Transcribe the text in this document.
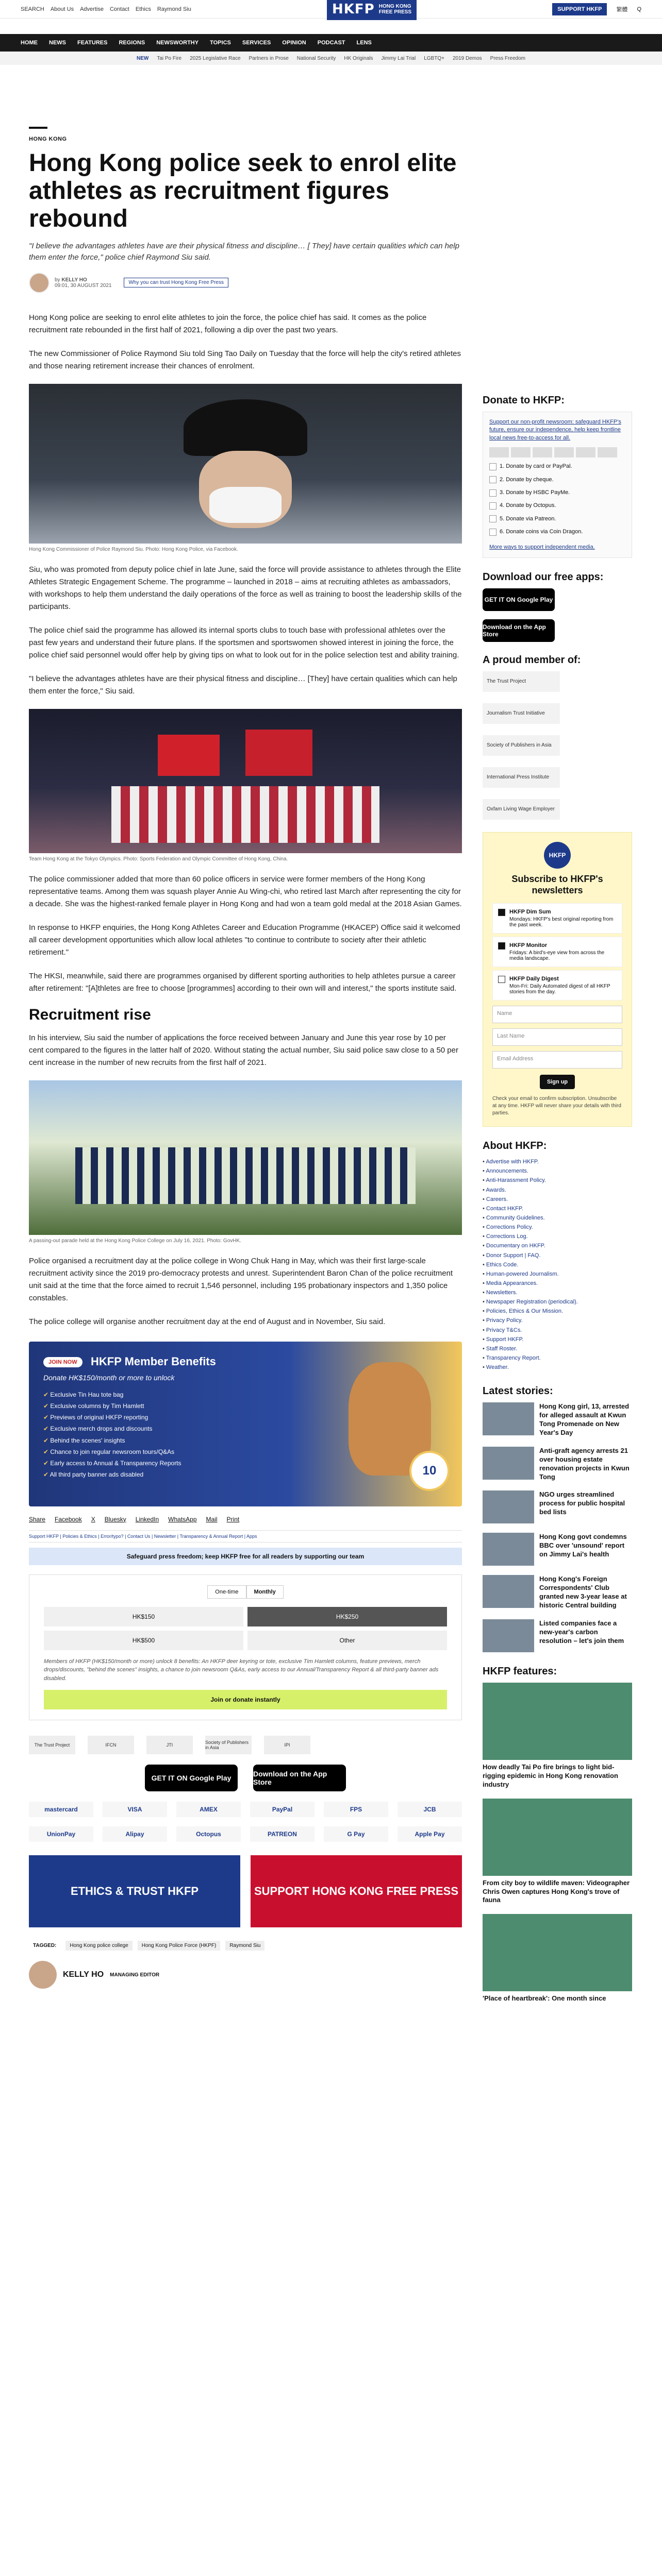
SEARCH About Us Advertise Contact Ethics Raymond Siu	HKFP HONG KONG
FREE PRESS	SUPPORT HKFP	繁體 Q
HOME NEWS FEATURES REGIONS NEWSWORTHY TOPICS SERVICES OPINION PODCAST LENS
NEW Tai Po Fire 2025 Legislative Race Partners in Prose National Security HK Originals Jimmy Lai Trial LGBTQ+ 2019 Demos Press Freedom
HONG KONG
Hong Kong police seek to enrol elite athletes as recruitment figures rebound

"I believe the advantages athletes have are their physical fitness and discipline… [ They] have certain qualities which can help them enter the force," police chief Raymond Siu said.

by KELLY HO
09:01, 30 AUGUST 2021	Why you can trust Hong Kong Free Press

Hong Kong police are seeking to enrol elite athletes to join the force, the police chief has said. It comes as the police recruitment rate rebounded in the first half of 2021, following a dip over the past two years.

The new Commissioner of Police Raymond Siu told Sing Tao Daily on Tuesday that the force will help the city's retired athletes and those nearing retirement increase their chances of enrolment.

Hong Kong Commissioner of Police Raymond Siu. Photo: Hong Kong Police, via Facebook.

Siu, who was promoted from deputy police chief in late June, said the force will provide assistance to athletes through the Elite Athletes Strategic Engagement Scheme. The programme – launched in 2018 – aims at recruiting athletes as ambassadors, with workshops to help them understand the daily operations of the force as well as training to boost the leadership skills of the participants.

The police chief said the programme has allowed its internal sports clubs to touch base with professional athletes over the past few years and understand their future plans. If the sportsmen and sportswomen showed interest in joining the force, the police chief said personnel would offer help by giving tips on what to look out for in the police selection test and ability training.

"I believe the advantages athletes have are their physical fitness and discipline… [They] have certain qualities which can help them enter the force," Siu said.

Team Hong Kong at the Tokyo Olympics. Photo: Sports Federation and Olympic Committee of Hong Kong, China.

The police commissioner added that more than 60 police officers in service were former members of the Hong Kong representative teams. Among them was squash player Annie Au Wing-chi, who retired last March after representing the city for a decade. She was the highest-ranked female player in Hong Kong and had won a team gold medal at the 2018 Asian Games.

In response to HKFP enquiries, the Hong Kong Athletes Career and Education Programme (HKACEP) Office said it welcomed all career development opportunities which allow local athletes "to continue to contribute to society after their athletic retirement."

The HKSI, meanwhile, said there are programmes organised by different sporting authorities to help athletes pursue a career after retirement: "[A]thletes are free to choose [programmes] according to their own will and interest," the sports institute said.

Recruitment rise

In his interview, Siu said the number of applications the force received between January and June this year rose by 10 per cent compared to the figures in the latter half of 2020. Without stating the actual number, Siu said police saw close to a 50 per cent increase in the number of new recruits from the first half of 2021.

A passing-out parade held at the Hong Kong Police College on July 16, 2021. Photo: GovHK.

Police organised a recruitment day at the police college in Wong Chuk Hang in May, which was their first large-scale recruitment activity since the 2019 pro-democracy protests and unrest. Superintendent Baron Chan of the police recruitment unit said at the time that the force aimed to recruit 1,546 personnel, including 195 probationary inspectors and 1,350 police constables.

The police college will organise another recruitment day at the end of August and in November, Siu said.

JOIN NOW	HKFP Member Benefits
Donate HK$150/month or more to unlock
✔ Exclusive Tin Hau tote bag
✔ Exclusive columns by Tim Hamlett
✔ Previews of original HKFP reporting
✔ Exclusive merch drops and discounts
✔ Behind the scenes' insights
✔ Chance to join regular newsroom tours/Q&As
✔ Early access to Annual & Transparency Reports
✔ All third party banner ads disabled	10
Share Facebook X Bluesky LinkedIn WhatsApp Mail Print
Support HKFP | Policies & Ethics | Error/typo? | Contact Us | Newsletter | Transparency & Annual Report | Apps
Safeguard press freedom; keep HKFP free for all readers by supporting our team
One-time	Monthly
HK$150	HK$250
HK$500	Other

Members of HKFP (HK$150/month or more) unlock 8 benefits: An HKFP deer keyring or tote, exclusive Tim Hamlett columns, feature previews, merch drops/discounts, "behind the scenes" insights, a chance to join newsroom Q&As, early access to our Annual/Transparency Report & all third-party banner ads disabled.

Join or donate instantly
The Trust Project	IFCN	JTI	Society of Publishers in Asia	IPI
GET IT ON Google Play	Download on the App Store
mastercard	VISA	AMEX	PayPal	FPS	JCB
UnionPay	Alipay	Octopus	PATREON	G Pay	Apple Pay
ETHICS & TRUST HKFP	SUPPORT HONG KONG FREE PRESS
TAGGED:	Hong Kong police college	Hong Kong Police Force (HKPF)	Raymond Siu
KELLY HO MANAGING EDITOR
Donate to HKFP:

Support our non-profit newsroom: safeguard HKFP's future, ensure our independence, help keep frontline local news free-to-access for all.

1. Donate by card or PayPal.
2. Donate by cheque.
3. Donate by HSBC PayMe.
4. Donate by Octopus.
5. Donate via Patreon.
6. Donate coins via Coin Dragon.

More ways to support independent media.

Download our free apps:
GET IT ON Google Play
Download on the App Store
A proud member of:
The Trust Project
Journalism Trust Initiative
Society of Publishers in Asia
International Press Institute
Oxfam Living Wage Employer
HKFP
Subscribe to HKFP's newsletters
HKFP Dim Sum
Mondays: HKFP's best original reporting from the past week.
HKFP Monitor
Fridays: A bird's-eye view from across the media landscape.
HKFP Daily Digest
Mon-Fri: Daily Automated digest of all HKFP stories from the day.
Name
Last Name
Email Address
Sign up

Check your email to confirm subscription. Unsubscribe at any time. HKFP will never share your details with third parties.

About HKFP:
• Advertise with HKFP.
• Announcements.
• Anti-Harassment Policy.
• Awards.
• Careers.
• Contact HKFP.
• Community Guidelines.
• Corrections Policy.
• Corrections Log.
• Documentary on HKFP.
• Donor Support | FAQ.
• Ethics Code.
• Human-powered Journalism.
• Media Appearances.
• Newsletters.
• Newspaper Registration (periodical).
• Policies, Ethics & Our Mission.
• Privacy Policy.
• Privacy T&Cs.
• Support HKFP.
• Staff Roster.
• Transparency Report.
• Weather.
Latest stories:
Hong Kong girl, 13, arrested for alleged assault at Kwun Tong Promenade on New Year's Day
Anti-graft agency arrests 21 over housing estate renovation projects in Kwun Tong
NGO urges streamlined process for public hospital bed lists
Hong Kong govt condemns BBC over 'unsound' report on Jimmy Lai's health
Hong Kong's Foreign Correspondents' Club granted new 3-year lease at historic Central building
Listed companies face a new-year's carbon resolution – let's join them
HKFP features:
How deadly Tai Po fire brings to light bid-rigging epidemic in Hong Kong renovation industry
From city boy to wildlife maven: Videographer Chris Owen captures Hong Kong's trove of fauna
'Place of heartbreak': One month since
